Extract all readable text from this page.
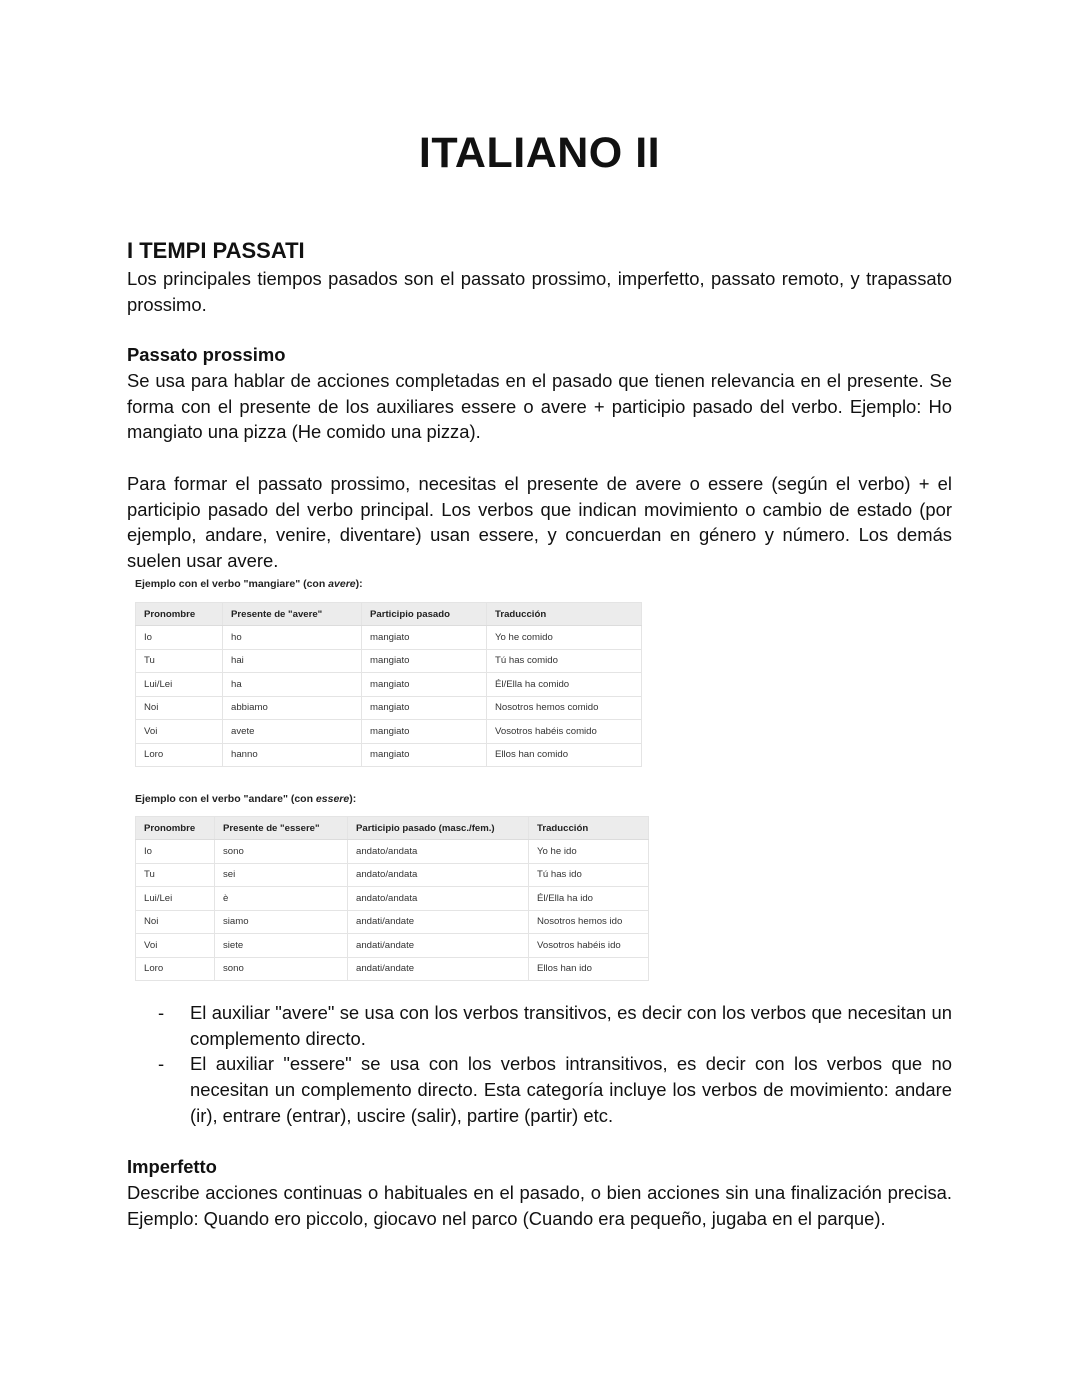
ITALIANO II
I TEMPI PASSATI

Los principales tiempos pasados son el passato prossimo, imperfetto, passato remoto, y trapassato prossimo.

Passato prossimo

Se usa para hablar de acciones completadas en el pasado que tienen relevancia en el presente. Se forma con el presente de los auxiliares essere o avere + participio pasado del verbo. Ejemplo: Ho mangiato una pizza (He comido una pizza).

Para formar el passato prossimo, necesitas el presente de avere o essere (según el verbo) + el participio pasado del verbo principal. Los verbos que indican movimiento o cambio de estado (por ejemplo, andare, venire, diventare) usan essere, y concuerdan en género y número. Los demás suelen usar avere.

Ejemplo con el verbo "mangiare" (con avere):

Pronombre	Presente de "avere"	Participio pasado	Traducción
Io	ho	mangiato	Yo he comido
Tu	hai	mangiato	Tú has comido
Lui/Lei	ha	mangiato	Él/Ella ha comido
Noi	abbiamo	mangiato	Nosotros hemos comido
Voi	avete	mangiato	Vosotros habéis comido
Loro	hanno	mangiato	Ellos han comido

Ejemplo con el verbo "andare" (con essere):

Pronombre	Presente de "essere"	Participio pasado (masc./fem.)	Traducción
Io	sono	andato/andata	Yo he ido
Tu	sei	andato/andata	Tú has ido
Lui/Lei	è	andato/andata	Él/Ella ha ido
Noi	siamo	andati/andate	Nosotros hemos ido
Voi	siete	andati/andate	Vosotros habéis ido
Loro	sono	andati/andate	Ellos han ido
- El auxiliar "avere" se usa con los verbos transitivos, es decir con los verbos que necesitan un complemento directo.
- El auxiliar "essere" se usa con los verbos intransitivos, es decir con los verbos que no necesitan un complemento directo. Esta categoría incluye los verbos de movimiento: andare (ir), entrare (entrar), uscire (salir), partire (partir) etc.
Imperfetto

Describe acciones continuas o habituales en el pasado, o bien acciones sin una finalización precisa. Ejemplo: Quando ero piccolo, giocavo nel parco (Cuando era pequeño, jugaba en el parque).
